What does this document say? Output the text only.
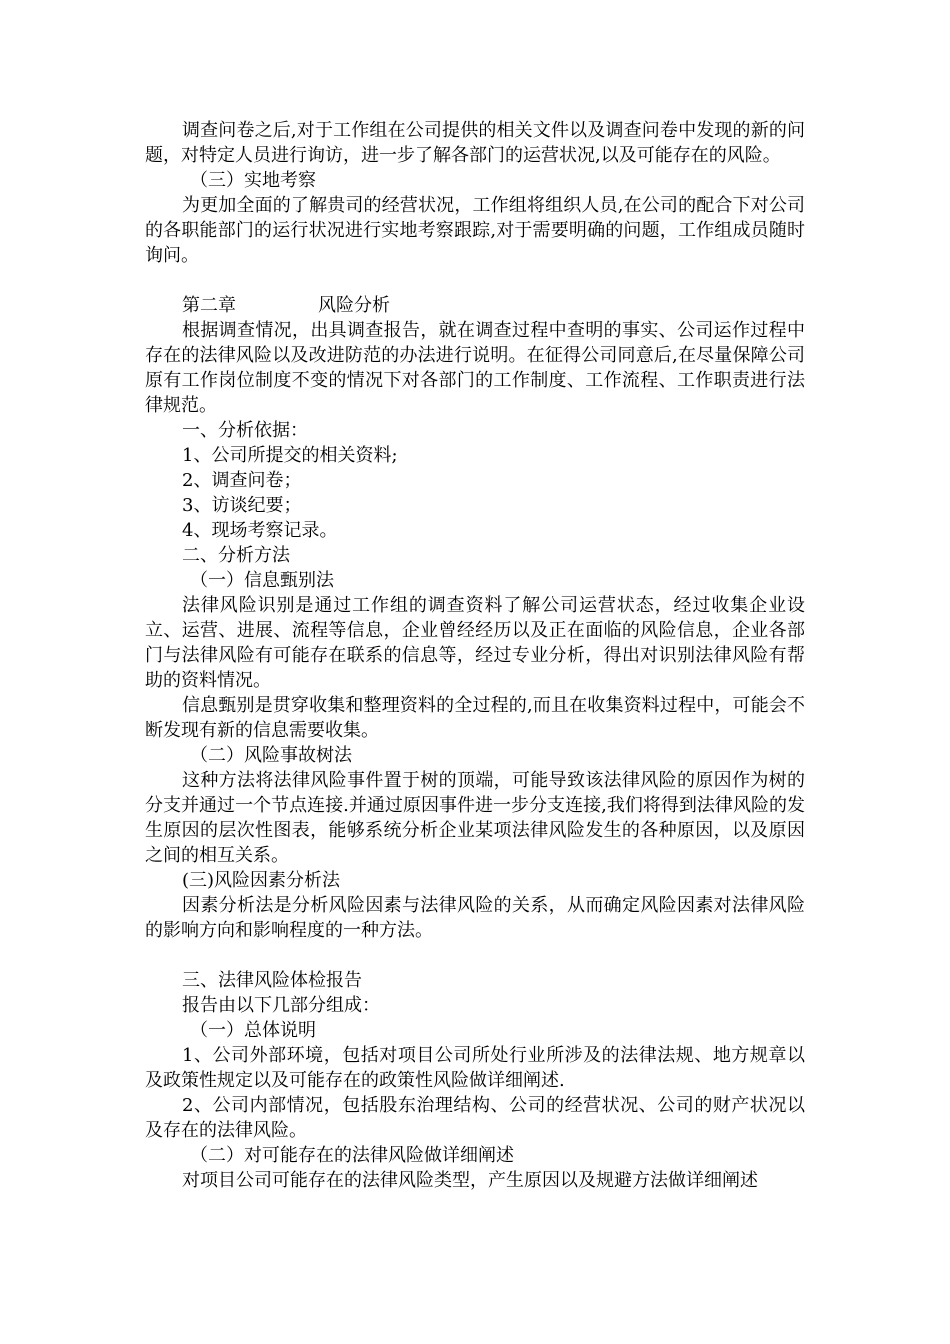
调查问卷之后,对于工作组在公司提供的相关文件以及调查问卷中发现的新的问题，对特定人员进行询访，进一步了解各部门的运营状况,以及可能存在的风险。

（三）实地考察

为更加全面的了解贵司的经营状况，工作组将组织人员,在公司的配合下对公司的各职能部门的运行状况进行实地考察跟踪,对于需要明确的问题，工作组成员随时询问。

第二章	风险分析

根据调查情况，出具调查报告，就在调查过程中查明的事实、公司运作过程中存在的法律风险以及改进防范的办法进行说明。在征得公司同意后,在尽量保障公司原有工作岗位制度不变的情况下对各部门的工作制度、工作流程、工作职责进行法律规范。

一、分析依据：

1、公司所提交的相关资料;

2、调查问卷；

3、访谈纪要；

4、现场考察记录。

二、分析方法

（一）信息甄别法

法律风险识别是通过工作组的调查资料了解公司运营状态，经过收集企业设立、运营、进展、流程等信息，企业曾经经历以及正在面临的风险信息，企业各部门与法律风险有可能存在联系的信息等，经过专业分析，得出对识别法律风险有帮助的资料情况。

信息甄别是贯穿收集和整理资料的全过程的,而且在收集资料过程中，可能会不断发现有新的信息需要收集。

（二）风险事故树法

这种方法将法律风险事件置于树的顶端，可能导致该法律风险的原因作为树的分支并通过一个节点连接.并通过原因事件进一步分支连接,我们将得到法律风险的发生原因的层次性图表，能够系统分析企业某项法律风险发生的各种原因，以及原因之间的相互关系。

(三)风险因素分析法

因素分析法是分析风险因素与法律风险的关系，从而确定风险因素对法律风险的影响方向和影响程度的一种方法。

三、法律风险体检报告

报告由以下几部分组成：

（一）总体说明

1、公司外部环境，包括对项目公司所处行业所涉及的法律法规、地方规章以及政策性规定以及可能存在的政策性风险做详细阐述.

2、公司内部情况，包括股东治理结构、公司的经营状况、公司的财产状况以及存在的法律风险。

（二）对可能存在的法律风险做详细阐述

对项目公司可能存在的法律风险类型，产生原因以及规避方法做详细阐述
